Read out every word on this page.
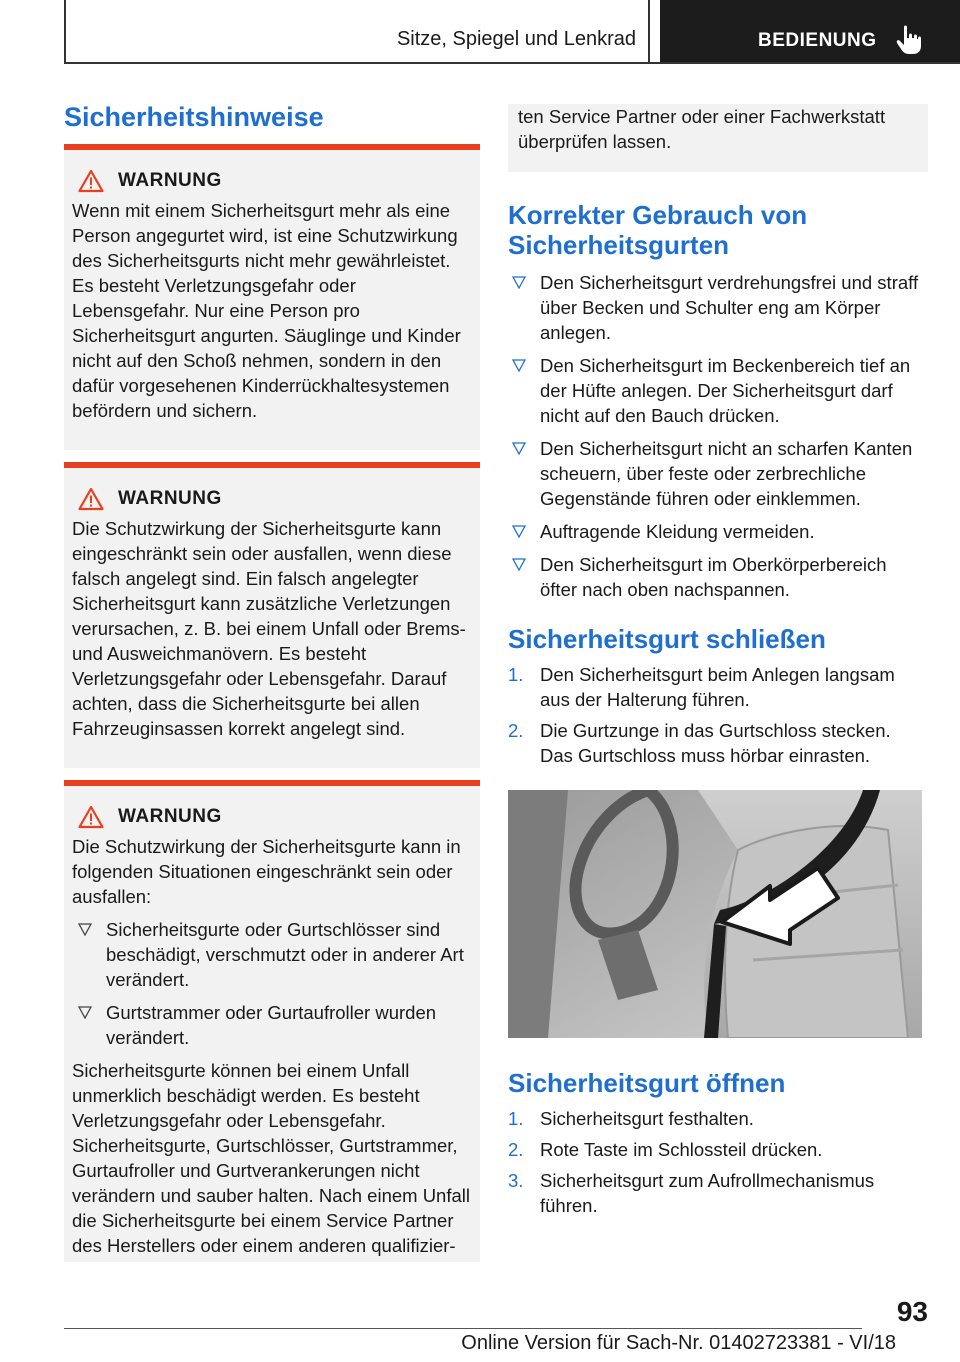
Sitze, Spiegel und Lenkrad	BEDIENUNG
Sicherheitshinweise
WARNUNG

Wenn mit einem Sicherheitsgurt mehr als eine Person angegurtet wird, ist eine Schutzwirkung des Sicherheitsgurts nicht mehr gewährleistet. Es besteht Verletzungsgefahr oder Lebensgefahr. Nur eine Person pro Sicherheitsgurt angurten. Säuglinge und Kinder nicht auf den Schoß nehmen, sondern in den dafür vorgesehenen Kinderrückhaltesystemen befördern und sichern.

WARNUNG

Die Schutzwirkung der Sicherheitsgurte kann eingeschränkt sein oder ausfallen, wenn diese falsch angelegt sind. Ein falsch angelegter Sicherheitsgurt kann zusätzliche Verletzungen verursachen, z. B. bei einem Unfall oder Brems- und Ausweichmanövern. Es besteht Verletzungsgefahr oder Lebensgefahr. Darauf achten, dass die Sicherheitsgurte bei allen Fahrzeuginsassen korrekt angelegt sind.

WARNUNG

Die Schutzwirkung der Sicherheitsgurte kann in folgenden Situationen eingeschränkt sein oder ausfallen:

Sicherheitsgurte oder Gurtschlösser sind beschädigt, verschmutzt oder in anderer Art verändert.
Gurtstrammer oder Gurtaufroller wurden verändert.

Sicherheitsgurte können bei einem Unfall unmerklich beschädigt werden. Es besteht Verletzungsgefahr oder Lebensgefahr. Sicherheitsgurte, Gurtschlösser, Gurtstrammer, Gurtaufroller und Gurtverankerungen nicht verändern und sauber halten. Nach einem Unfall die Sicherheitsgurte bei einem Service Partner des Herstellers oder einem anderen qualifizier-

ten Service Partner oder einer Fachwerkstatt überprüfen lassen.
Korrekter Gebrauch von Sicherheitsgurten
Den Sicherheitsgurt verdrehungsfrei und straff über Becken und Schulter eng am Körper anlegen.
Den Sicherheitsgurt im Beckenbereich tief an der Hüfte anlegen. Der Sicherheitsgurt darf nicht auf den Bauch drücken.
Den Sicherheitsgurt nicht an scharfen Kanten scheuern, über feste oder zerbrechliche Gegenstände führen oder einklemmen.
Auftragende Kleidung vermeiden.
Den Sicherheitsgurt im Oberkörperbereich öfter nach oben nachspannen.
Sicherheitsgurt schließen
1. Den Sicherheitsgurt beim Anlegen langsam aus der Halterung führen.
2. Die Gurtzunge in das Gurtschloss stecken. Das Gurtschloss muss hörbar einrasten.
Sicherheitsgurt öffnen
1. Sicherheitsgurt festhalten.
2. Rote Taste im Schlossteil drücken.
3. Sicherheitsgurt zum Aufrollmechanismus führen.
93
Online Version für Sach-Nr. 01402723381 - VI/18
